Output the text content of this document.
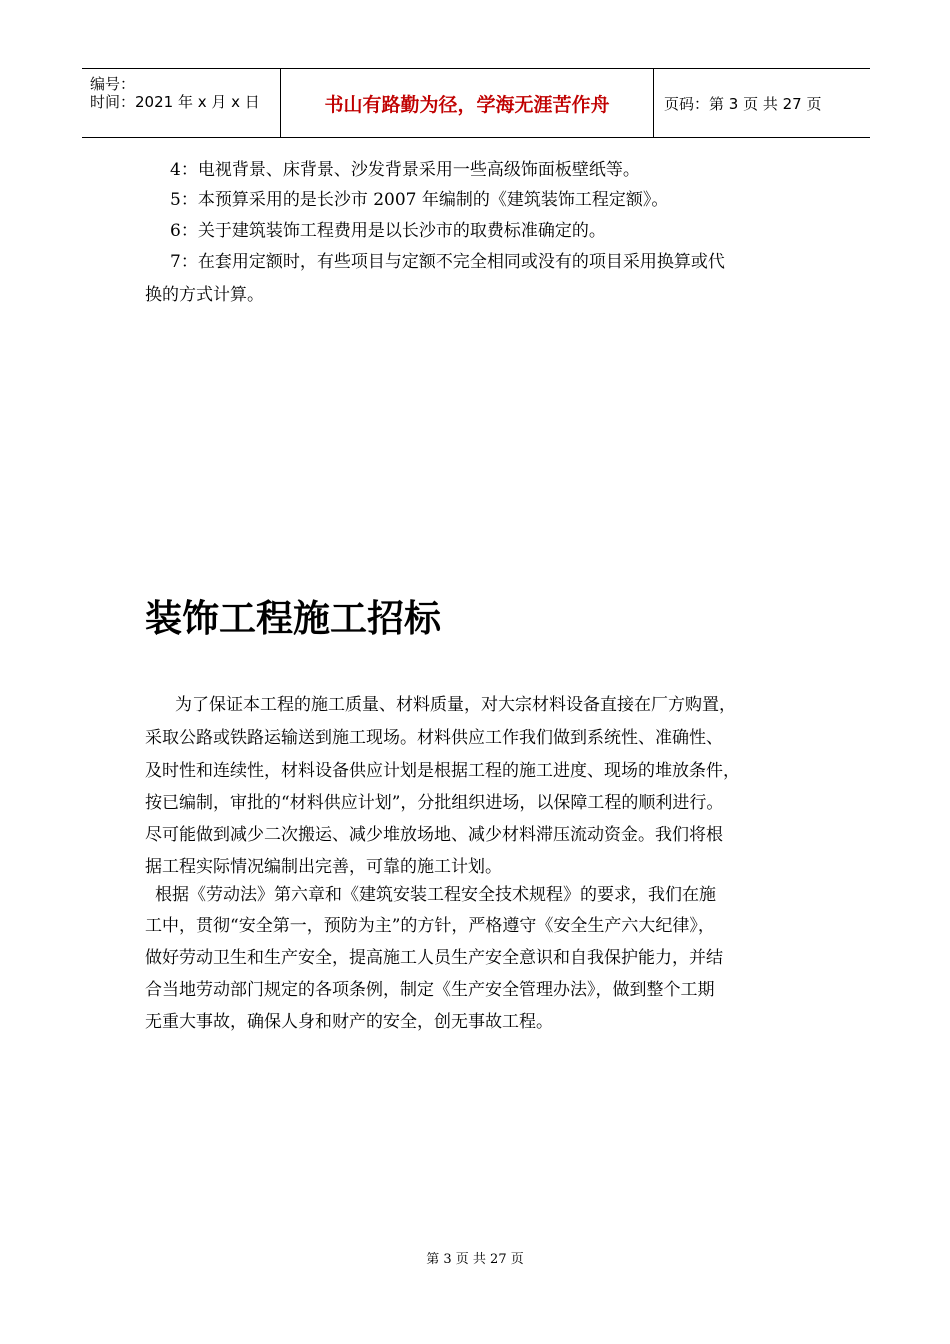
编号：
时间：2021 年 x 月 x 日	书山有路勤为径，学海无涯苦作舟	页码：第 3 页 共 27 页
4：电视背景、床背景、沙发背景采用一些高级饰面板壁纸等。
5：本预算采用的是长沙市 2007 年编制的《建筑装饰工程定额》。
6：关于建筑装饰工程费用是以长沙市的取费标准确定的。
7：在套用定额时，有些项目与定额不完全相同或没有的项目采用换算或代
换的方式计算。
装饰工程施工招标
为了保证本工程的施工质量、材料质量，对大宗材料设备直接在厂方购置，
采取公路或铁路运输送到施工现场。材料供应工作我们做到系统性、准确性、
及时性和连续性，材料设备供应计划是根据工程的施工进度、现场的堆放条件，
按已编制，审批的“材料供应计划”，分批组织进场，以保障工程的顺利进行。
尽可能做到减少二次搬运、减少堆放场地、减少材料滞压流动资金。我们将根
据工程实际情况编制出完善，可靠的施工计划。
根据《劳动法》第六章和《建筑安装工程安全技术规程》的要求，我们在施
工中，贯彻“安全第一，预防为主”的方针，严格遵守《安全生产六大纪律》，
做好劳动卫生和生产安全，提高施工人员生产安全意识和自我保护能力，并结
合当地劳动部门规定的各项条例，制定《生产安全管理办法》，做到整个工期
无重大事故，确保人身和财产的安全，创无事故工程。
第 3 页 共 27 页
